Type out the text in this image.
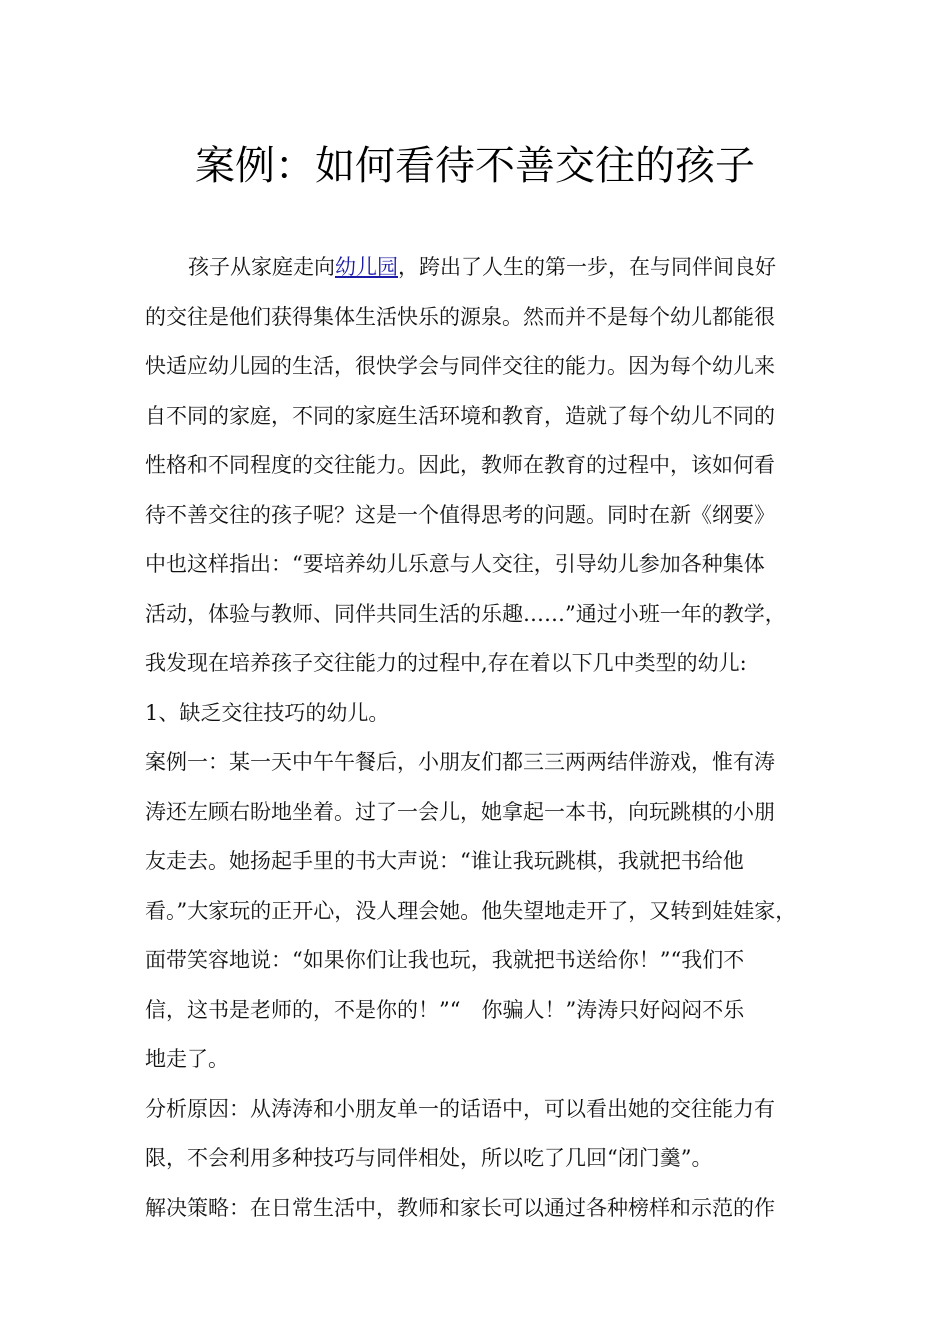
案例：如何看待不善交往的孩子
孩子从家庭走向幼儿园，跨出了人生的第一步，在与同伴间良好
的交往是他们获得集体生活快乐的源泉。然而并不是每个幼儿都能很
快适应幼儿园的生活，很快学会与同伴交往的能力。因为每个幼儿来
自不同的家庭，不同的家庭生活环境和教育，造就了每个幼儿不同的
性格和不同程度的交往能力。因此，教师在教育的过程中，该如何看
待不善交往的孩子呢？这是一个值得思考的问题。同时在新《纲要》
中也这样指出：“要培养幼儿乐意与人交往，引导幼儿参加各种集体
活动，体验与教师、同伴共同生活的乐趣……”通过小班一年的教学，
我发现在培养孩子交往能力的过程中,存在着以下几中类型的幼儿:
1、缺乏交往技巧的幼儿。
案例一：某一天中午午餐后，小朋友们都三三两两结伴游戏，惟有涛
涛还左顾右盼地坐着。过了一会儿，她拿起一本书，向玩跳棋的小朋
友走去。她扬起手里的书大声说：“谁让我玩跳棋，我就把书给他
看。”大家玩的正开心，没人理会她。他失望地走开了，又转到娃娃家，
面带笑容地说：“如果你们让我也玩，我就把书送给你！”“我们不
信，这书是老师的，不是你的！”“　你骗人！”涛涛只好闷闷不乐
地走了。
分析原因：从涛涛和小朋友单一的话语中，可以看出她的交往能力有
限，不会利用多种技巧与同伴相处，所以吃了几回“闭门羹”。
解决策略：在日常生活中，教师和家长可以通过各种榜样和示范的作
